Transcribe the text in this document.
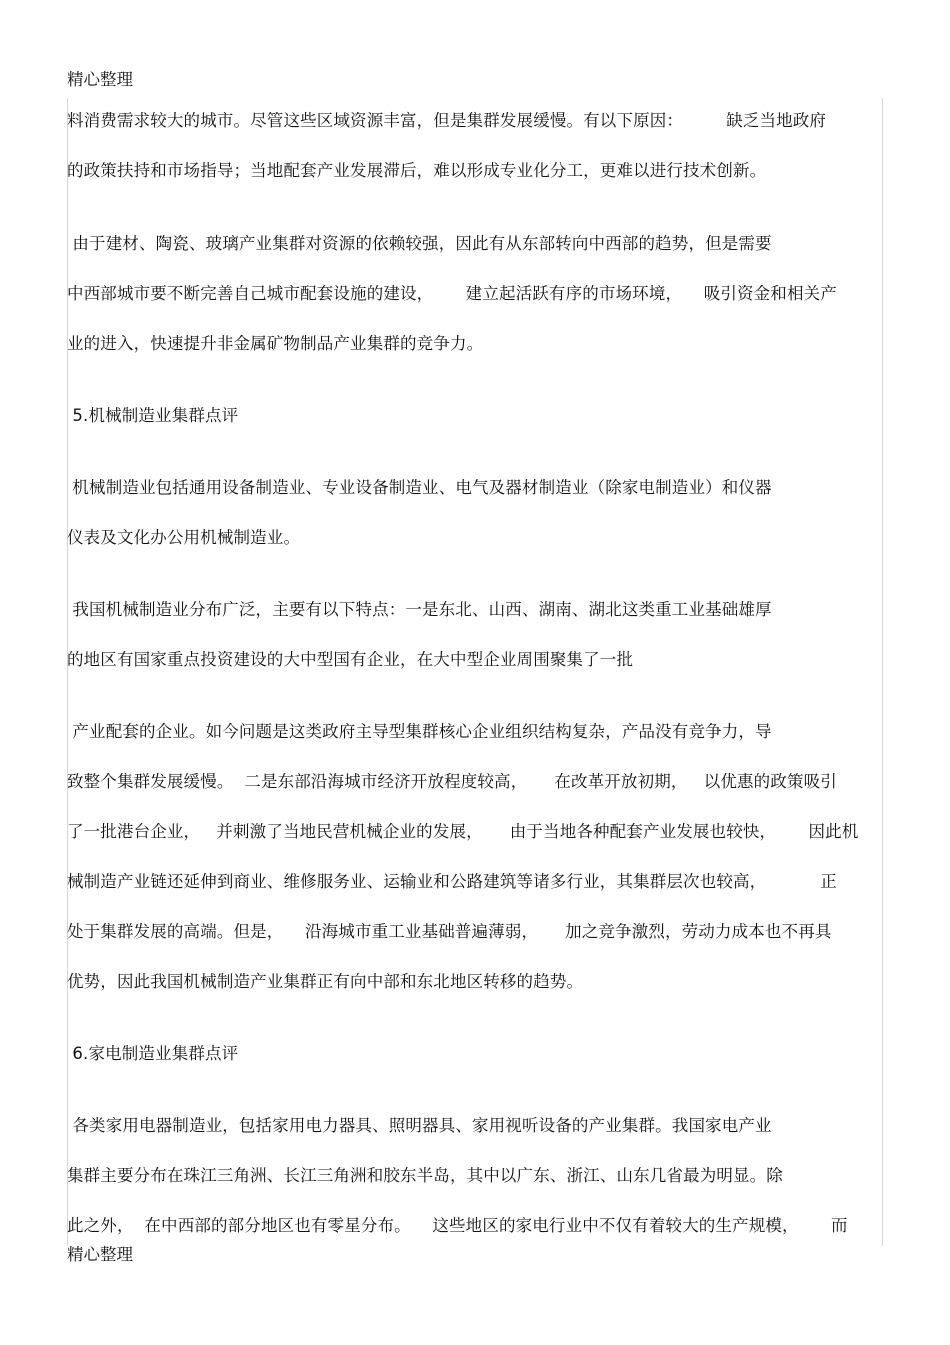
精心整理
料消费需求较大的城市。尽管这些区域资源丰富，但是集群发展缓慢。有以下原因：        缺乏当地政府
的政策扶持和市场指导；当地配套产业发展滞后，难以形成专业化分工，更难以进行技术创新。
由于建材、陶瓷、玻璃产业集群对资源的依赖较强，因此有从东部转向中西部的趋势，但是需要
中西部城市要不断完善自己城市配套设施的建设，      建立起活跃有序的市场环境，    吸引资金和相关产
业的进入，快速提升非金属矿物制品产业集群的竞争力。
5.机械制造业集群点评
机械制造业包括通用设备制造业、专业设备制造业、电气及器材制造业（除家电制造业）和仪器
仪表及文化办公用机械制造业。
我国机械制造业分布广泛，主要有以下特点：一是东北、山西、湖南、湖北这类重工业基础雄厚
的地区有国家重点投资建设的大中型国有企业，在大中型企业周围聚集了一批
产业配套的企业。如今问题是这类政府主导型集群核心企业组织结构复杂，产品没有竞争力，导
致整个集群发展缓慢。  二是东部沿海城市经济开放程度较高，     在改革开放初期，   以优惠的政策吸引
了一批港台企业，   并刺激了当地民营机械企业的发展，     由于当地各种配套产业发展也较快，      因此机
械制造产业链还延伸到商业、维修服务业、运输业和公路建筑等诸多行业，其集群层次也较高，          正
处于集群发展的高端。但是，    沿海城市重工业基础普遍薄弱，     加之竞争激烈，劳动力成本也不再具
优势，因此我国机械制造产业集群正有向中部和东北地区转移的趋势。
6.家电制造业集群点评
各类家用电器制造业，包括家用电力器具、照明器具、家用视听设备的产业集群。我国家电产业
集群主要分布在珠江三角洲、长江三角洲和胶东半岛，其中以广东、浙江、山东几省最为明显。除
此之外，  在中西部的部分地区也有零星分布。    这些地区的家电行业中不仅有着较大的生产规模，      而
精心整理
